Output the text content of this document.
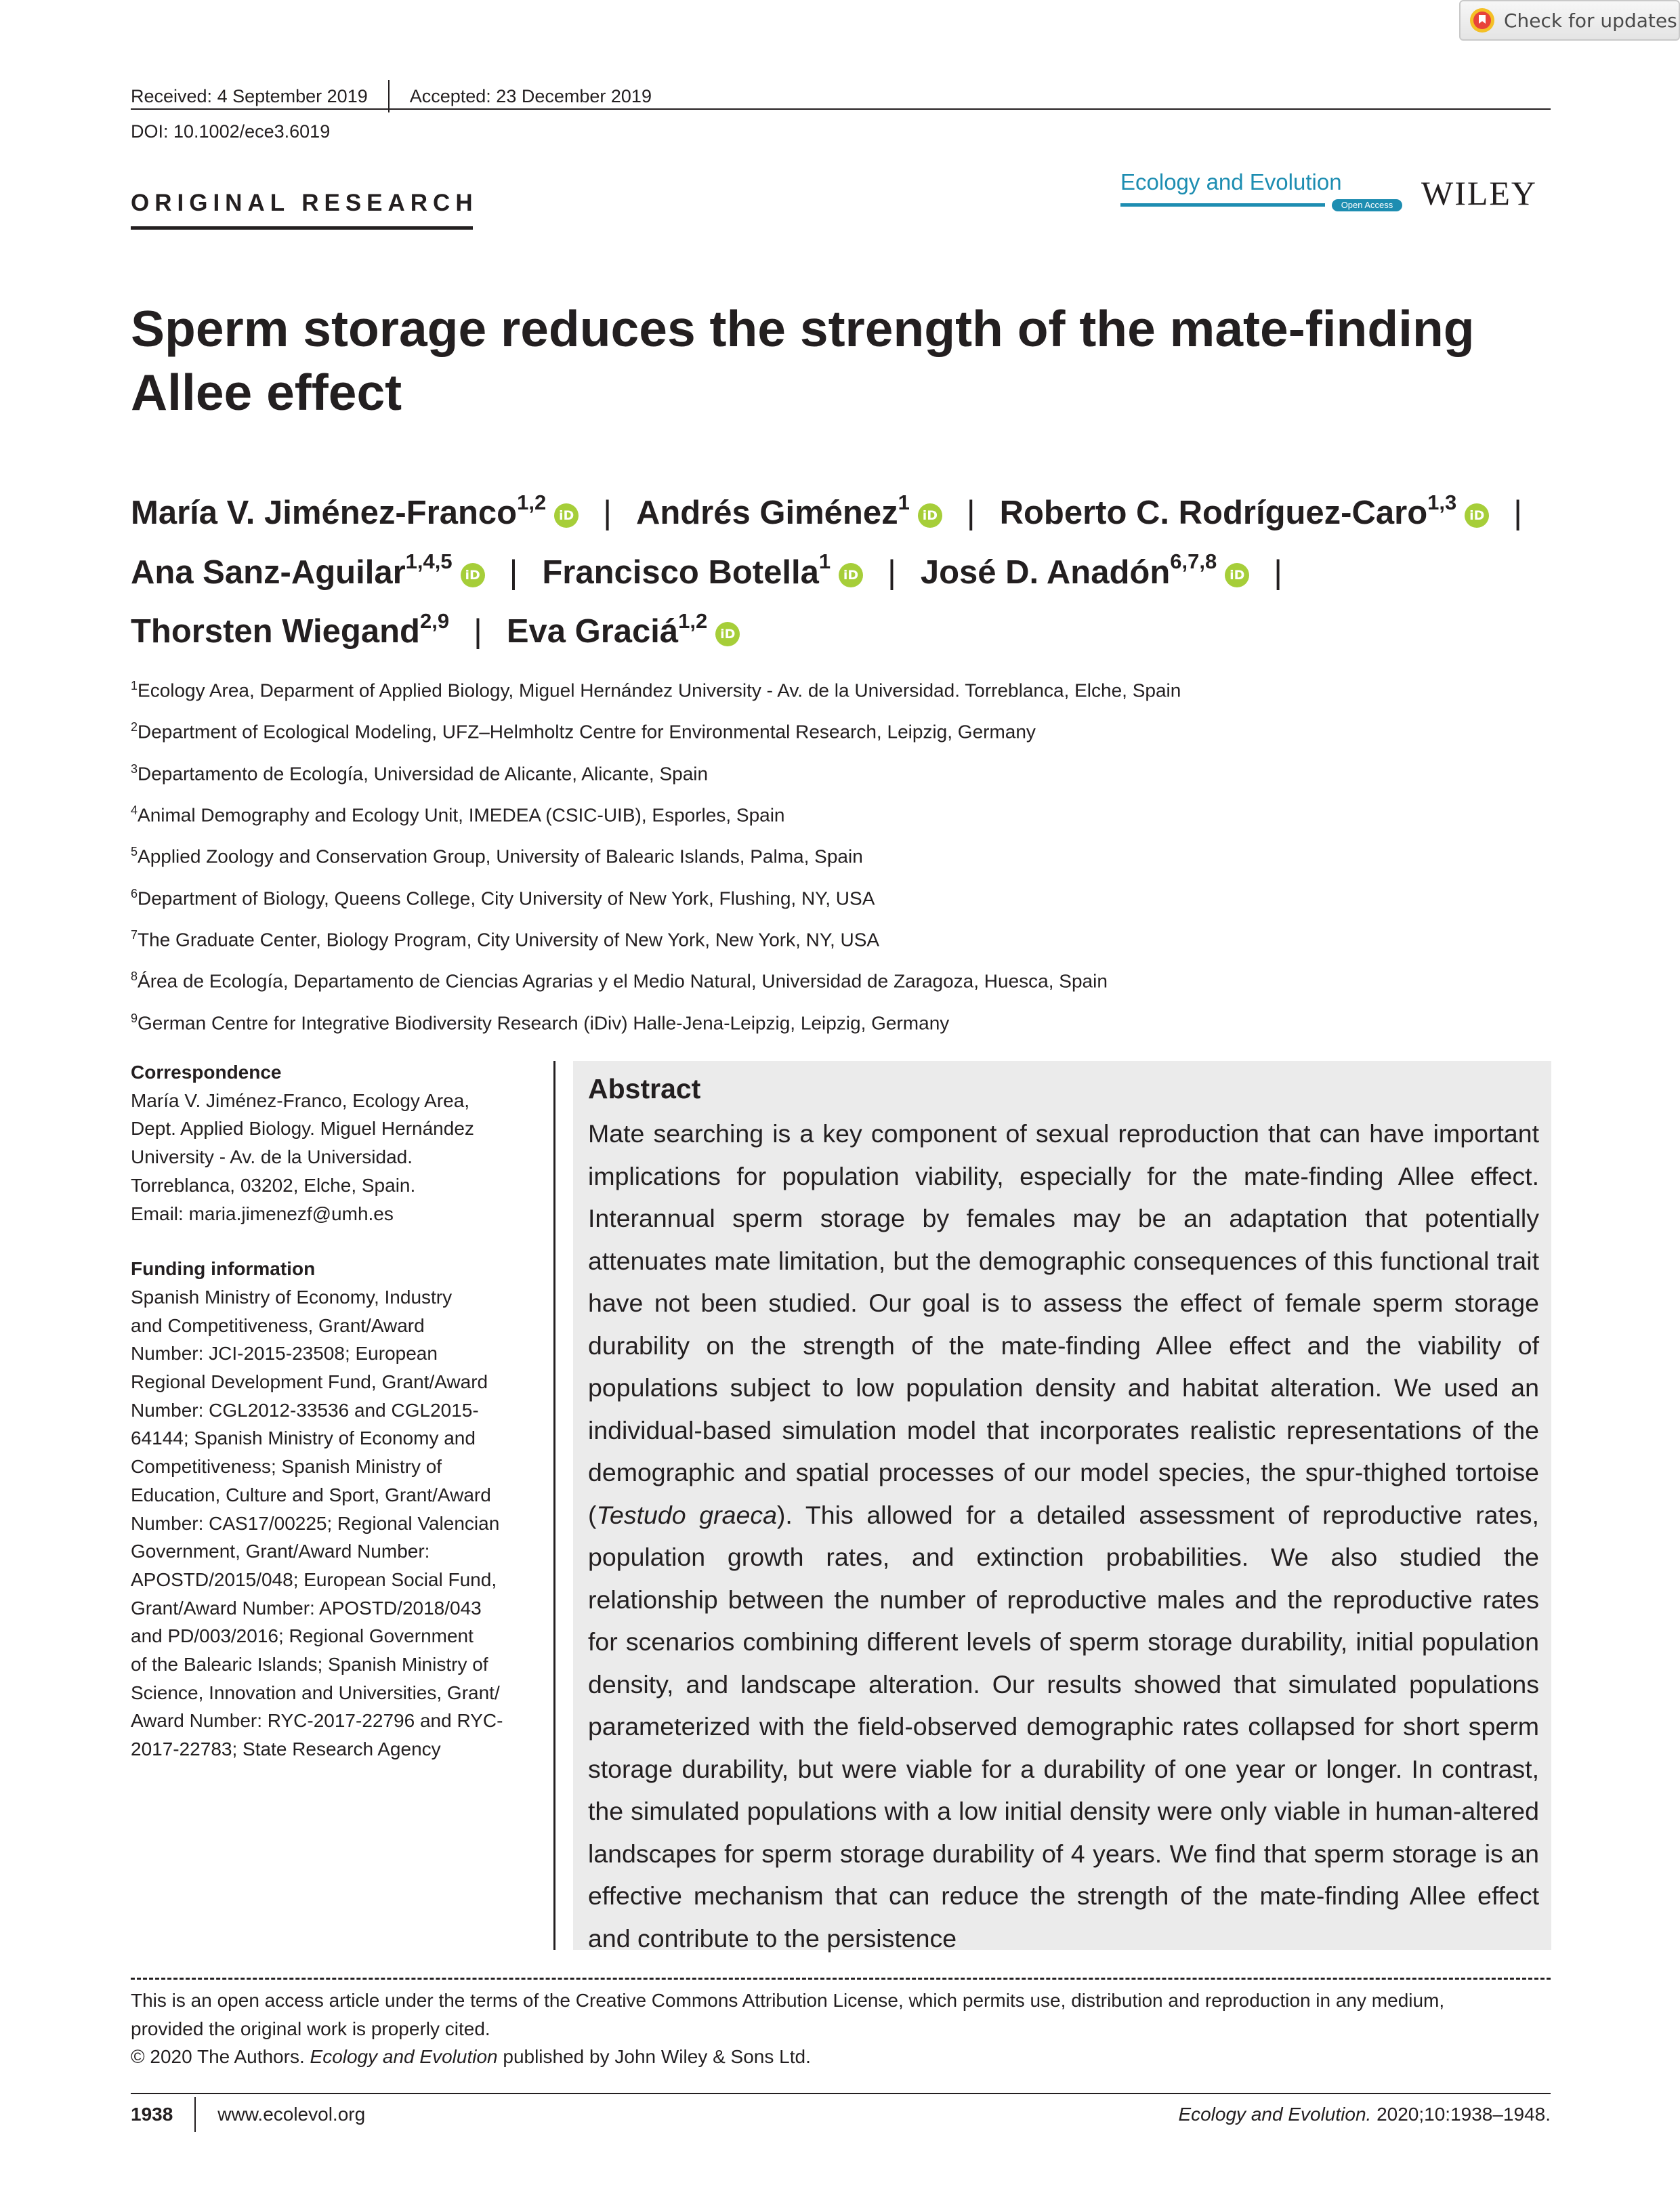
Check for updates
Received: 4 September 2019 Accepted: 23 December 2019
DOI: 10.1002/ece3.6019
ORIGINAL RESEARCH
Ecology and Evolution
Open Access WILEY
Sperm storage reduces the strength of the mate-finding Allee effect
María V. Jiménez-Franco$^{1,2}$iD | Andrés Giménez$^1$iD | Roberto C. Rodríguez-Caro$^{1,3}$iD |
Ana Sanz-Aguilar$^{1,4,5}$iD | Francisco Botella$^1$iD | José D. Anadón$^{6,7,8}$iD |
Thorsten Wiegand$^{2,9}$ | Eva Graciá$^{1,2}$iD
$^1$Ecology Area, Deparment of Applied Biology, Miguel Hernández University - Av. de la Universidad. Torreblanca, Elche, Spain
$^2$Department of Ecological Modeling, UFZ–Helmholtz Centre for Environmental Research, Leipzig, Germany
$^3$Departamento de Ecología, Universidad de Alicante, Alicante, Spain
$^4$Animal Demography and Ecology Unit, IMEDEA (CSIC-UIB), Esporles, Spain
$^5$Applied Zoology and Conservation Group, University of Balearic Islands, Palma, Spain
$^6$Department of Biology, Queens College, City University of New York, Flushing, NY, USA
$^7$The Graduate Center, Biology Program, City University of New York, New York, NY, USA
$^8$Área de Ecología, Departamento de Ciencias Agrarias y el Medio Natural, Universidad de Zaragoza, Huesca, Spain
$^9$German Centre for Integrative Biodiversity Research (iDiv) Halle-Jena-Leipzig, Leipzig, Germany
Correspondence
María V. Jiménez-Franco, Ecology Area,
Dept. Applied Biology. Miguel Hernández
University - Av. de la Universidad.
Torreblanca, 03202, Elche, Spain.
Email: maria.jimenezf@umh.es
Funding information
Spanish Ministry of Economy, Industry
and Competitiveness, Grant/Award
Number: JCI-2015-23508; European
Regional Development Fund, Grant/Award
Number: CGL2012-33536 and CGL2015-
64144; Spanish Ministry of Economy and
Competitiveness; Spanish Ministry of
Education, Culture and Sport, Grant/Award
Number: CAS17/00225; Regional Valencian
Government, Grant/Award Number:
APOSTD/2015/048; European Social Fund,
Grant/Award Number: APOSTD/2018/043
and PD/003/2016; Regional Government
of the Balearic Islands; Spanish Ministry of
Science, Innovation and Universities, Grant/
Award Number: RYC-2017-22796 and RYC-
2017-22783; State Research Agency
Abstract

Mate searching is a key component of sexual reproduction that can have important implications for population viability, especially for the mate-finding Allee effect. Interannual sperm storage by females may be an adaptation that potentially attenuates mate limitation, but the demographic consequences of this functional trait have not been studied. Our goal is to assess the effect of female sperm storage durability on the strength of the mate-finding Allee effect and the viability of populations subject to low population density and habitat alteration. We used an individual-based simulation model that incorporates realistic representations of the demographic and spatial processes of our model species, the spur-thighed tortoise (Testudo graeca). This allowed for a detailed assessment of reproductive rates, population growth rates, and extinction probabilities. We also studied the relationship between the number of reproductive males and the reproductive rates for scenarios combining different levels of sperm storage durability, initial population density, and landscape alteration. Our results showed that simulated populations parameterized with the field-observed demographic rates collapsed for short sperm storage durability, but were viable for a durability of one year or longer. In contrast, the simulated populations with a low initial density were only viable in human-altered landscapes for sperm storage durability of 4 years. We find that sperm storage is an effective mechanism that can reduce the strength of the mate-finding Allee effect and contribute to the persistence

This is an open access article under the terms of the Creative Commons Attribution License, which permits use, distribution and reproduction in any medium,
provided the original work is properly cited.
© 2020 The Authors. Ecology and Evolution published by John Wiley & Sons Ltd.
1938 www.ecolevol.org	Ecology and Evolution. 2020;10:1938–1948.
